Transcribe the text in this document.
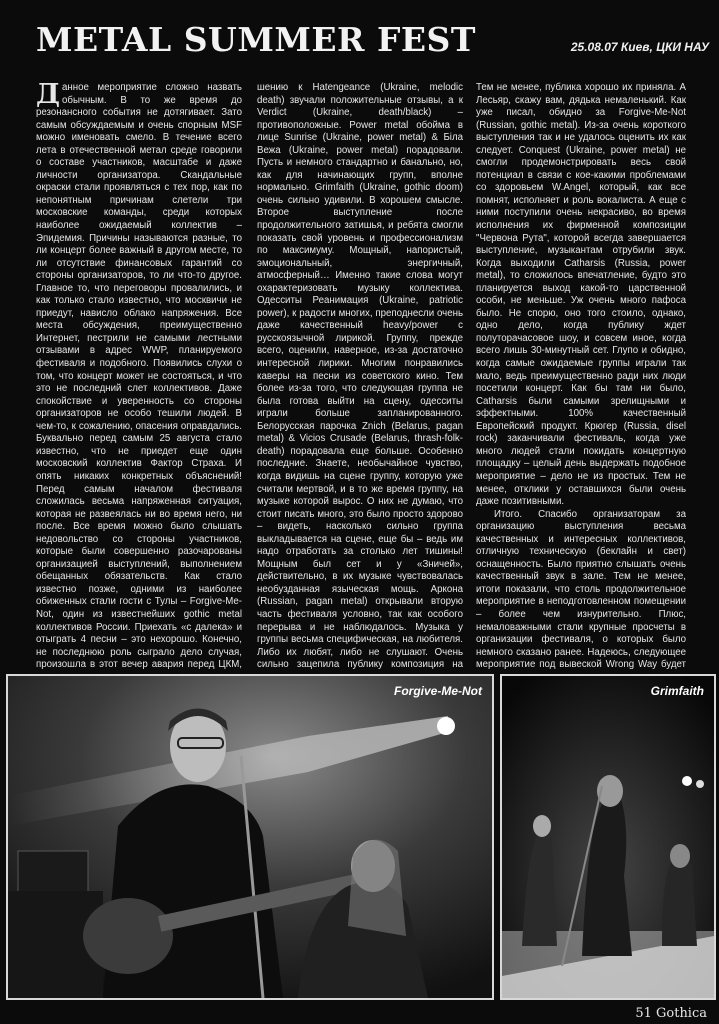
METAL SUMMER FEST	25.08.07 Киев, ЦКИ НАУ

Данное мероприятие сложно назвать обычным. В то же время до резонансного события не дотягивает. Зато самым обсуждаемым и очень спорным MSF можно именовать смело. В течение всего лета в отечественной метал среде говорили о составе участников, масштабе и даже личности организатора. Скандальные окраски стали проявляться с тех пор, как по непонятным причинам слетели три московские команды, среди которых наиболее ожидаемый коллектив – Эпидемия. Причины называются разные, то ли концерт более важный в другом месте, то ли отсутствие финансовых гарантий со стороны организаторов, то ли что-то другое. Главное то, что переговоры провалились, и как только стало известно, что москвичи не приедут, нависло облако напряжения. Все места обсуждения, преимущественно Интернет, пестрили не самыми лестными отзывами в адрес WWP, планируемого фестиваля и подобного. Появились слухи о том, что концерт может не состояться, и что это не последний слет коллективов. Даже спокойствие и уверенность со стороны организаторов не особо тешили людей. В чем-то, к сожалению, опасения оправдались. Буквально перед самым 25 августа стало известно, что не приедет еще один московский коллектив Фактор Страха. И опять никаких конкретных объяснений! Перед самым началом фестиваля сложилась весьма напряженная ситуация, которая не развеялась ни во время него, ни после. Все время можно было слышать недовольство со стороны участников, которые были совершенно разочарованы организацией выступлений, выполнением обещанных обязательств. Как стало известно позже, одними из наиболее обиженных стали гости с Тулы – Forgive-Me-Not, один из известнейших gothic metal коллективов России. Приехать «с далека» и отыграть 4 песни – это нехорошо. Конечно, не последнюю роль сыграло дело случая, произошла в этот вечер авария перед ЦКМ,

шению к Hatengeance (Ukraine, melodic death) звучали положительные отзывы, а к Verdict (Ukraine, death/black) – противоположные. Power metal обойма в лице Sunrise (Ukraine, power metal) & Біла Вежа (Ukraine, power metal) порадовали. Пусть и немного стандартно и банально, но, как для начинающих групп, вполне нормально. Grimfaith (Ukraine, gothic doom) очень сильно удивили. В хорошем смысле. Второе выступление после продолжительного затишья, и ребята смогли показать свой уровень и профессионализм по максимуму. Мощный, напористый, эмоциональный, энергичный, атмосферный… Именно такие слова могут охарактеризовать музыку коллектива. Одесситы Реанимация (Ukraine, patriotic power), к радости многих, преподнесли очень даже качественный heavy/power с русскоязычной лирикой. Группу, прежде всего, оценили, наверное, из-за достаточно интересной лирики. Многим понравились каверы на песни из советского кино. Тем более из-за того, что следующая группа не была готова выйти на сцену, одесситы играли больше запланированного. Белорусская парочка Znich (Belarus, pagan metal) & Vicios Crusade (Belarus, thrash-folk-death) порадовала еще больше. Особенно последние. Знаете, необычайное чувство, когда видишь на сцене группу, которую уже считали мертвой, и в то же время группу, на музыке которой вырос. О них не думаю, что стоит писать много, это было просто здорово – видеть, насколько сильно группа выкладывается на сцене, еще бы – ведь им надо отработать за столько лет тишины! Мощным был сет и у «Зничей», действительно, в их музыке чувствовалась необузданная языческая мощь. Аркона (Russian, pagan metal) открывали вторую часть фестиваля условно, так как особого перерыва и не наблюдалось. Музыка у группы весьма специфическая, на любителя. Либо их любят, либо не слушают. Очень сильно зацепила публику композиция на

Тем не менее, публика хорошо их приняла. А Лесьяр, скажу вам, дядька немаленький. Как уже писал, обидно за Forgive-Me-Not (Russian, gothic metal). Из-за очень короткого выступления так и не удалось оценить их как следует. Conquest (Ukraine, power metal) не смогли продемонстрировать весь свой потенциал в связи с кое-какими проблемами со здоровьем W.Angel, который, как все помнят, исполняет и роль вокалиста. А еще с ними поступили очень некрасиво, во время исполнения их фирменной композиции "Червона Рута", которой всегда завершается выступление, музыкантам отрубили звук. Когда выходили Catharsis (Russia, power metal), то сложилось впечатление, будто это планируется выход какой-то царственной особи, не меньше. Уж очень много пафоса было. Не спорю, оно того стоило, однако, одно дело, когда публику ждет полуторачасовое шоу, и совсем иное, когда всего лишь 30-минутный сет. Глупо и обидно, когда самые ожидаемые группы играли так мало, ведь преимущественно ради них люди посетили концерт. Как бы там ни было, Catharsis были самыми зрелищными и эффектными. 100% качественный Европейский продукт. Крюгер (Russia, disel rock) заканчивали фестиваль, когда уже много людей стали покидать концертную площадку – целый день выдержать подобное мероприятие – дело не из простых. Тем не менее, отклики у оставшихся были очень даже позитивными.

Итого. Спасибо организаторам за организацию выступления весьма качественных и интересных коллективов, отличную техническую (беклайн и свет) оснащенность. Было приятно слышать очень качественный звук в зале. Тем не менее, итоги показали, что столь продолжительное мероприятие в неподготовленном помещении – более чем изнурительно. Плюс, немаловажными стали крупные просчеты в организации фестиваля, о которых было немного сказано ранее. Надеюсь, следующее мероприятие под вывеской Wrong Way будет

Forgive-Me-Not	Grimfaith
51 Gothica
